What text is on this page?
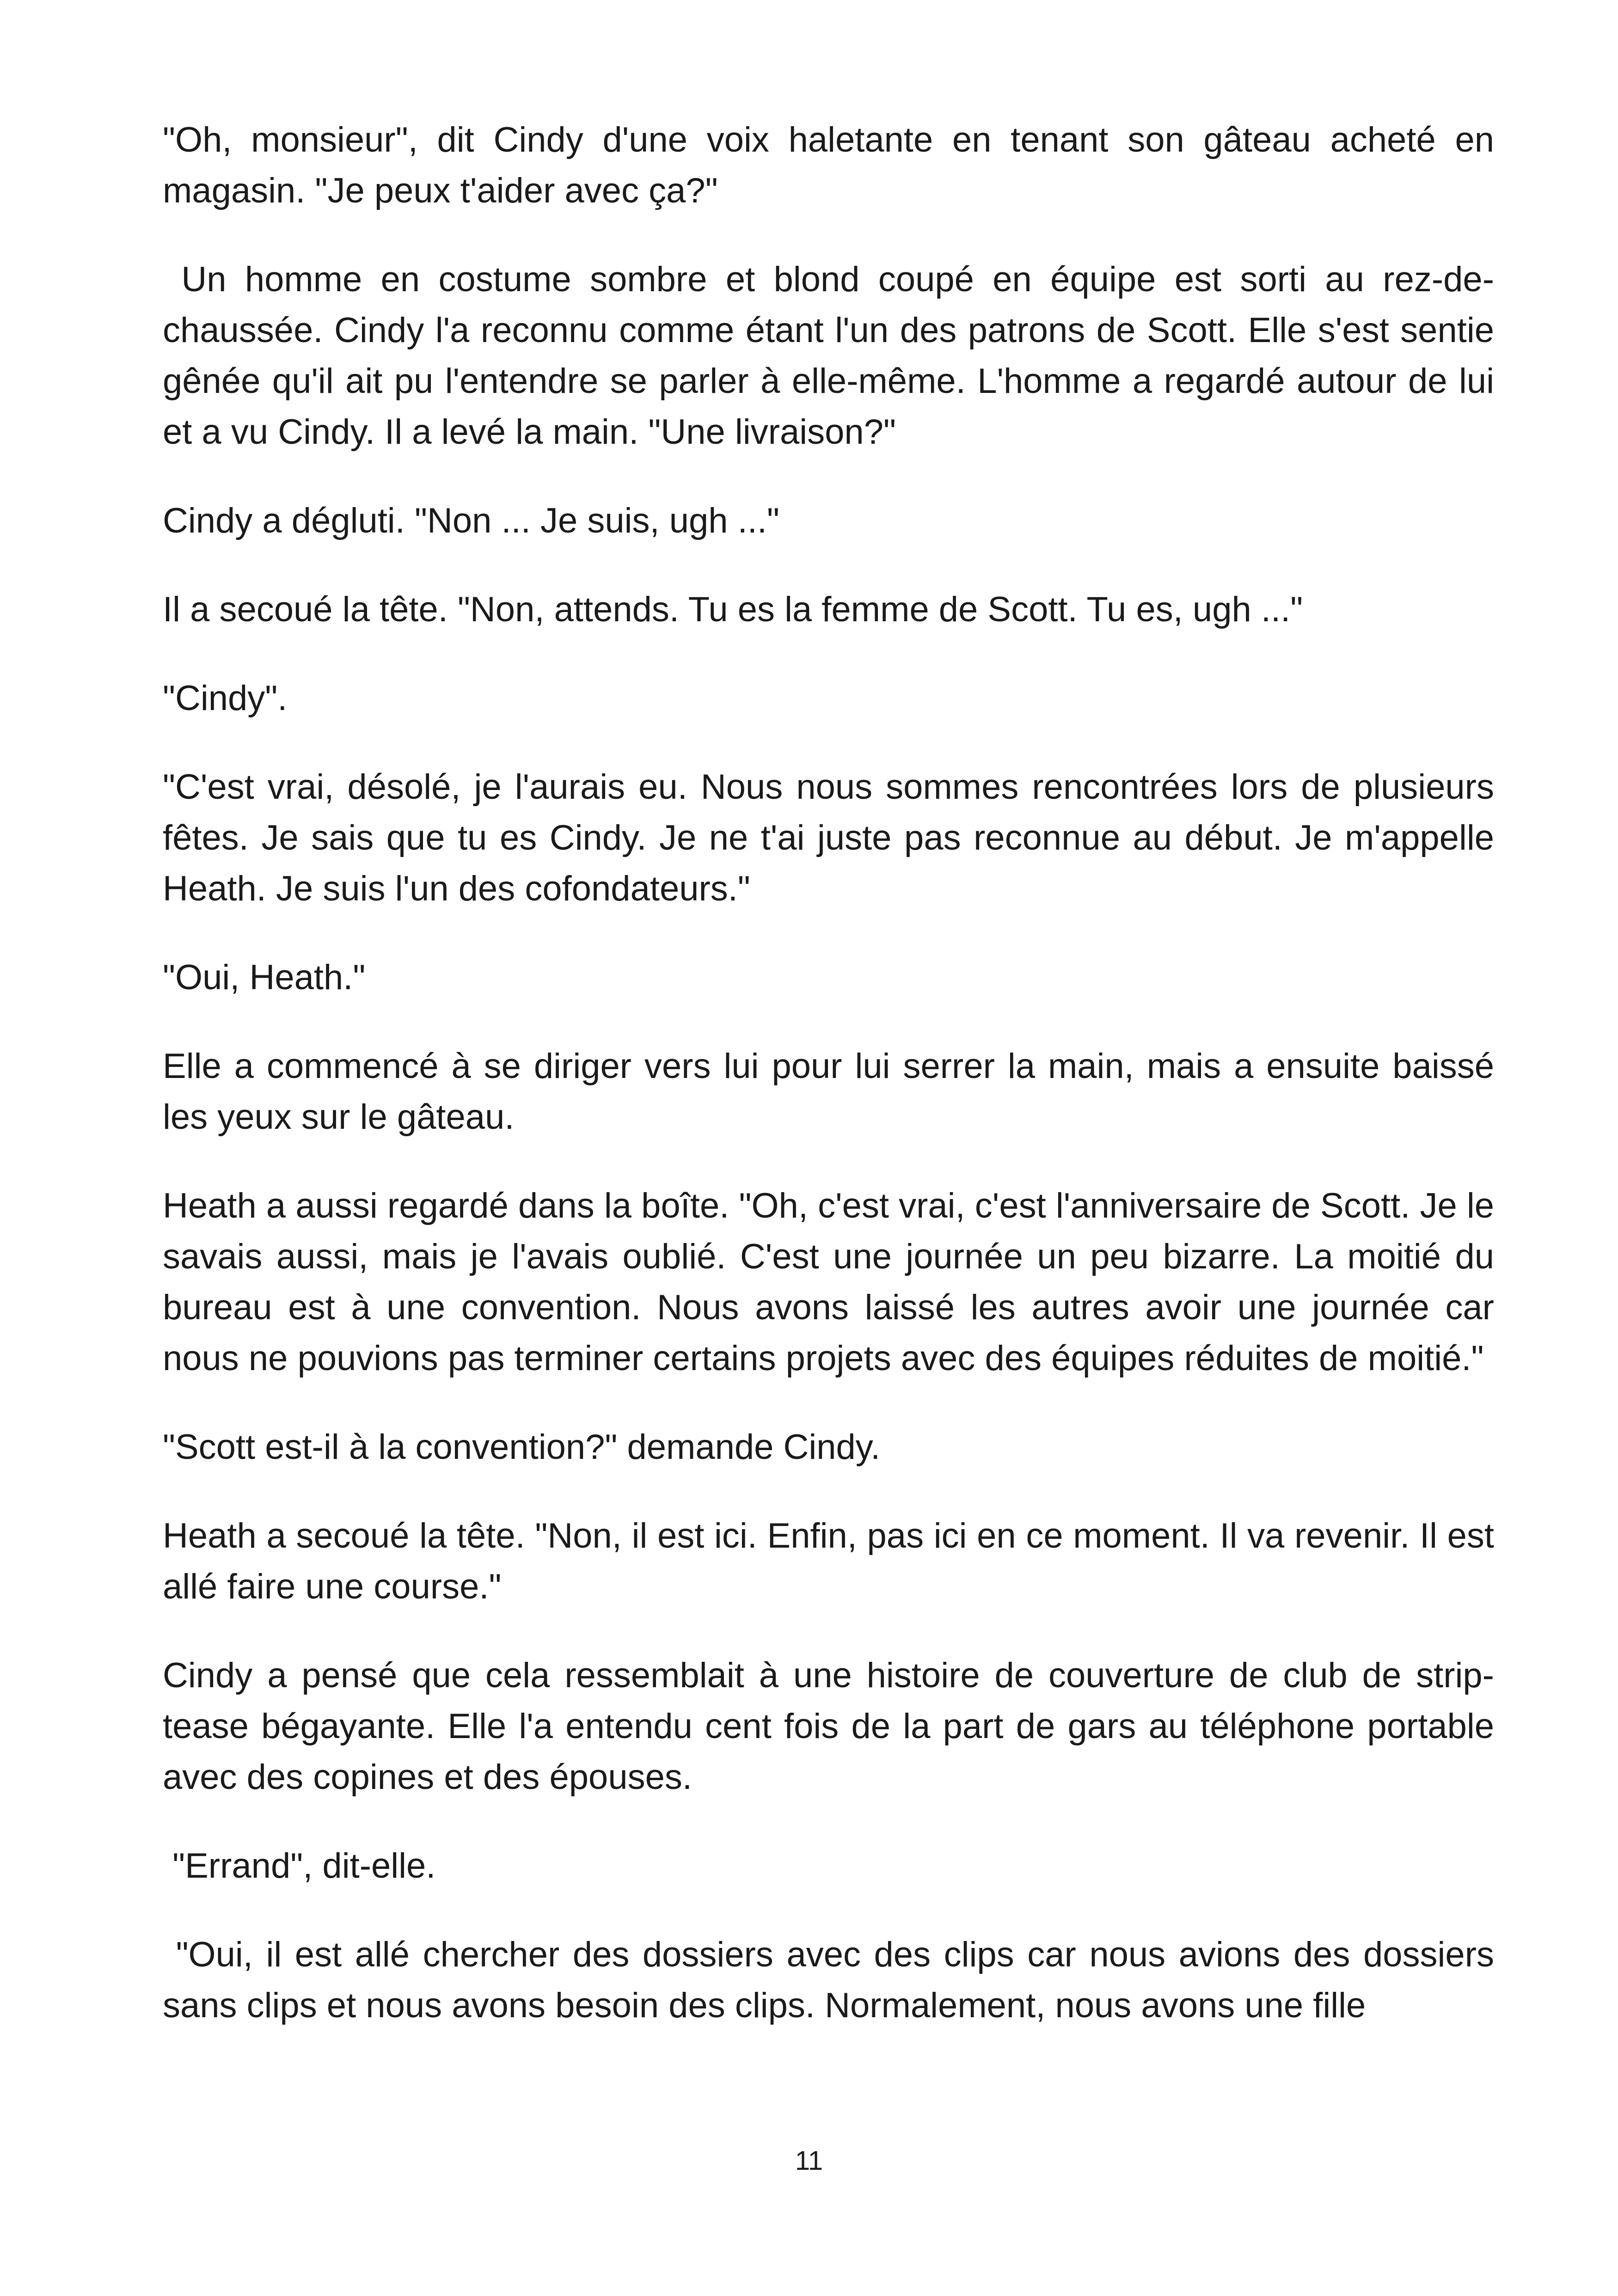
"Oh, monsieur", dit Cindy d'une voix haletante en tenant son gâteau acheté en magasin. "Je peux t'aider avec ça?"

Un homme en costume sombre et blond coupé en équipe est sorti au rez-de-chaussée. Cindy l'a reconnu comme étant l'un des patrons de Scott. Elle s'est sentie gênée qu'il ait pu l'entendre se parler à elle-même. L'homme a regardé autour de lui et a vu Cindy. Il a levé la main. "Une livraison?"

Cindy a dégluti. "Non ... Je suis, ugh ..."

Il a secoué la tête. "Non, attends. Tu es la femme de Scott. Tu es, ugh ..."

"Cindy".

"C'est vrai, désolé, je l'aurais eu. Nous nous sommes rencontrées lors de plusieurs fêtes. Je sais que tu es Cindy. Je ne t'ai juste pas reconnue au début. Je m'appelle Heath. Je suis l'un des cofondateurs."

"Oui, Heath."

Elle a commencé à se diriger vers lui pour lui serrer la main, mais a ensuite baissé les yeux sur le gâteau.

Heath a aussi regardé dans la boîte. "Oh, c'est vrai, c'est l'anniversaire de Scott. Je le savais aussi, mais je l'avais oublié. C'est une journée un peu bizarre. La moitié du bureau est à une convention. Nous avons laissé les autres avoir une journée car nous ne pouvions pas terminer certains projets avec des équipes réduites de moitié."

"Scott est-il à la convention?" demande Cindy.

Heath a secoué la tête. "Non, il est ici. Enfin, pas ici en ce moment. Il va revenir. Il est allé faire une course."

Cindy a pensé que cela ressemblait à une histoire de couverture de club de strip-tease bégayante. Elle l'a entendu cent fois de la part de gars au téléphone portable avec des copines et des épouses.

"Errand", dit-elle.

"Oui, il est allé chercher des dossiers avec des clips car nous avions des dossiers sans clips et nous avons besoin des clips. Normalement, nous avons une fille

11
